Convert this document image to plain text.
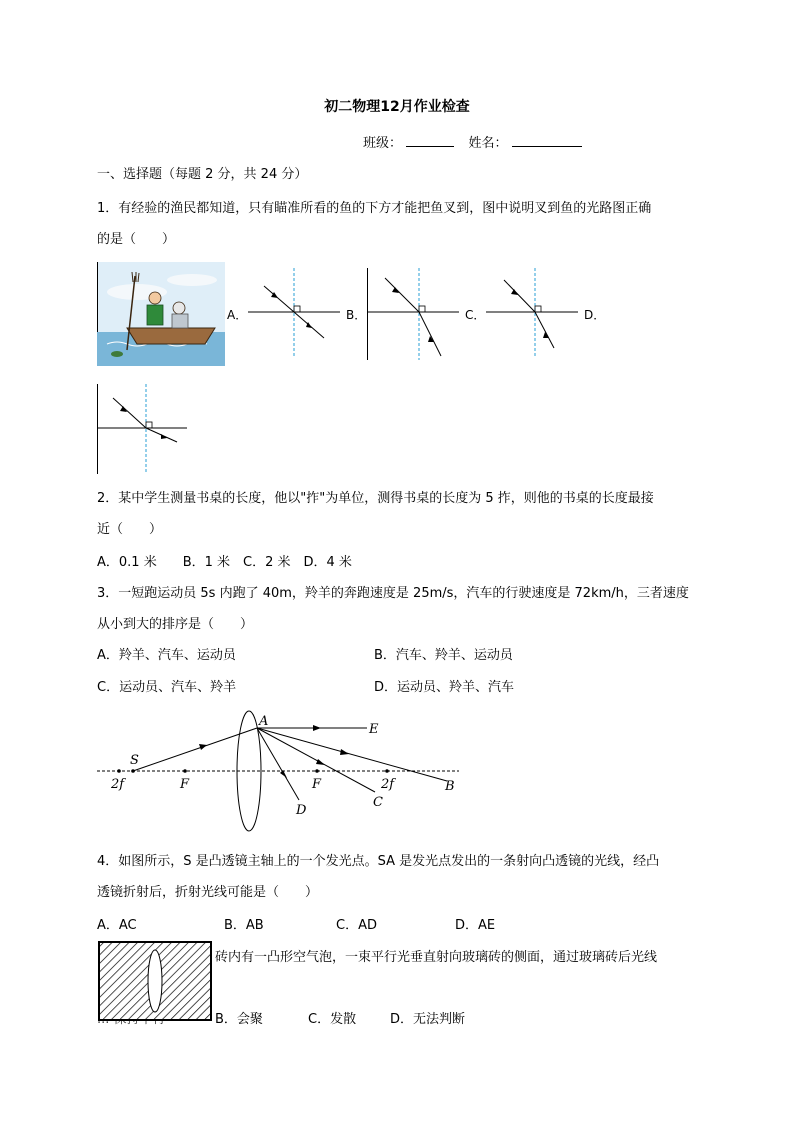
初二物理12月作业检查
班级：	姓名：
一、选择题（每题 2 分，共 24 分）
1．有经验的渔民都知道，只有瞄准所看的鱼的下方才能把鱼叉到，图中说明叉到鱼的光路图正确
的是（　　）
A．	B．	C．	D．
2．某中学生测量书桌的长度，他以"拃"为单位，测得书桌的长度为 5 拃，则他的书桌的长度最接
近（　　）
A．0.1 米　　B．1 米　C．2 米　D．4 米
3．一短跑运动员 5s 内跑了 40m，羚羊的奔跑速度是 25m/s，汽车的行驶速度是 72km/h，三者速度
从小到大的排序是（　　）
A．羚羊、汽车、运动员	B．汽车、羚羊、运动员
C．运动员、汽车、羚羊	D．运动员、羚羊、汽车
A
E
S
B
C
D
F	F
2f	2f
4．如图所示，S 是凸透镜主轴上的一个发光点。SA 是发光点发出的一条射向凸透镜的光线，经凸
透镜折射后，折射光线可能是（　　）
A．AC	B．AB	C．AD	D．AE
砖内有一凸形空气泡，一束平行光垂直射向玻璃砖的侧面，通过玻璃砖后光线
B．会聚	C．发散	D．无法判断
